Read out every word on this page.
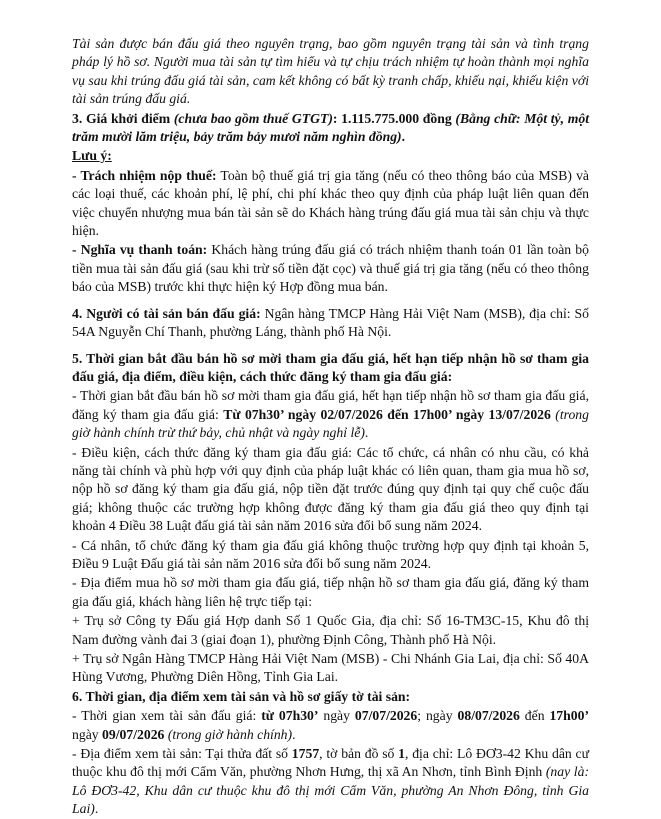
Tài sản được bán đấu giá theo nguyên trạng, bao gồm nguyên trạng tài sản và tình trạng pháp lý hồ sơ. Người mua tài sản tự tìm hiểu và tự chịu trách nhiệm tự hoàn thành mọi nghĩa vụ sau khi trúng đấu giá tài sản, cam kết không có bất kỳ tranh chấp, khiếu nại, khiếu kiện với tài sản trúng đấu giá.

3. Giá khởi điểm (chưa bao gồm thuế GTGT): 1.115.775.000 đồng (Bằng chữ: Một tỷ, một trăm mười lăm triệu, bảy trăm bảy mươi năm nghìn đồng).

Lưu ý:

- Trách nhiệm nộp thuế: Toàn bộ thuế giá trị gia tăng (nếu có theo thông báo của MSB) và các loại thuế, các khoản phí, lệ phí, chi phí khác theo quy định của pháp luật liên quan đến việc chuyển nhượng mua bán tài sản sẽ do Khách hàng trúng đấu giá mua tài sản chịu và thực hiện.

- Nghĩa vụ thanh toán: Khách hàng trúng đấu giá có trách nhiệm thanh toán 01 lần toàn bộ tiền mua tài sản đấu giá (sau khi trừ số tiền đặt cọc) và thuế giá trị gia tăng (nếu có theo thông báo của MSB) trước khi thực hiện ký Hợp đồng mua bán.

4. Người có tài sản bán đấu giá: Ngân hàng TMCP Hàng Hải Việt Nam (MSB), địa chỉ: Số 54A Nguyễn Chí Thanh, phường Láng, thành phố Hà Nội.

5. Thời gian bắt đầu bán hồ sơ mời tham gia đấu giá, hết hạn tiếp nhận hồ sơ tham gia đấu giá, địa điểm, điều kiện, cách thức đăng ký tham gia đấu giá:

- Thời gian bắt đầu bán hồ sơ mời tham gia đấu giá, hết hạn tiếp nhận hồ sơ tham gia đấu giá, đăng ký tham gia đấu giá: Từ 07h30’ ngày 02/07/2026 đến 17h00’ ngày 13/07/2026 (trong giờ hành chính trừ thứ bảy, chủ nhật và ngày nghỉ lễ).

- Điều kiện, cách thức đăng ký tham gia đấu giá: Các tổ chức, cá nhân có nhu cầu, có khả năng tài chính và phù hợp với quy định của pháp luật khác có liên quan, tham gia mua hồ sơ, nộp hồ sơ đăng ký tham gia đấu giá, nộp tiền đặt trước đúng quy định tại quy chế cuộc đấu giá; không thuộc các trường hợp không được đăng ký tham gia đấu giá theo quy định tại khoản 4 Điều 38 Luật đấu giá tài sản năm 2016 sửa đổi bổ sung năm 2024.

- Cá nhân, tổ chức đăng ký tham gia đấu giá không thuộc trường hợp quy định tại khoản 5, Điều 9 Luật Đấu giá tài sản năm 2016 sửa đổi bổ sung năm 2024.

- Địa điểm mua hồ sơ mời tham gia đấu giá, tiếp nhận hồ sơ tham gia đấu giá, đăng ký tham gia đấu giá, khách hàng liên hệ trực tiếp tại:

+ Trụ sở Công ty Đấu giá Hợp danh Số 1 Quốc Gia, địa chỉ: Số 16-TM3C-15, Khu đô thị Nam đường vành đai 3 (giai đoạn 1), phường Định Công, Thành phố Hà Nội.

+ Trụ sở Ngân Hàng TMCP Hàng Hải Việt Nam (MSB) - Chi Nhánh Gia Lai, địa chỉ: Số 40A Hùng Vương, Phường Diên Hồng, Tỉnh Gia Lai.

6. Thời gian, địa điểm xem tài sản và hồ sơ giấy tờ tài sản:

- Thời gian xem tài sản đấu giá: từ 07h30’ ngày 07/07/2026; ngày 08/07/2026 đến 17h00’ ngày 09/07/2026 (trong giờ hành chính).

- Địa điểm xem tài sản: Tại thửa đất số 1757, tờ bản đồ số 1, địa chỉ: Lô ĐƠ3-42 Khu dân cư thuộc khu đô thị mới Cẩm Văn, phường Nhơn Hưng, thị xã An Nhơn, tỉnh Bình Định (nay là: Lô ĐƠ3-42, Khu dân cư thuộc khu đô thị mới Cẩm Văn, phường An Nhơn Đông, tỉnh Gia Lai).
